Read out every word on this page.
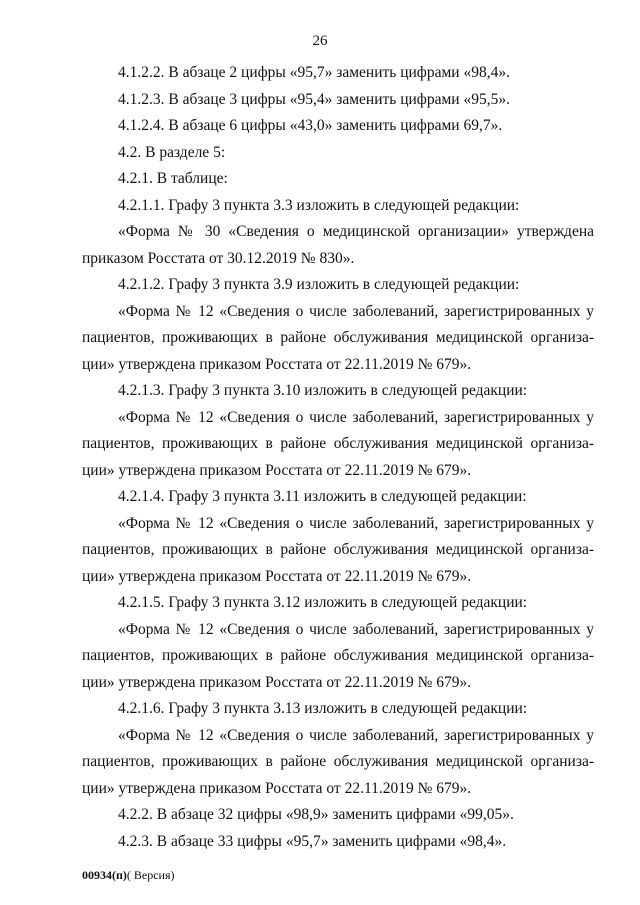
26
4.1.2.2. В абзаце 2 цифры «95,7» заменить цифрами «98,4».
4.1.2.3. В абзаце 3 цифры «95,4» заменить цифрами «95,5».
4.1.2.4. В абзаце 6 цифры «43,0» заменить цифрами 69,7».
4.2. В разделе 5:
4.2.1. В таблице:
4.2.1.1. Графу 3 пункта 3.3 изложить в следующей редакции:
«Форма № 30 «Сведения о медицинской организации» утверждена
приказом Росстата от 30.12.2019 № 830».
4.2.1.2. Графу 3 пункта 3.9 изложить в следующей редакции:
«Форма № 12 «Сведения о числе заболеваний, зарегистрированных у
пациентов, проживающих в районе обслуживания медицинской организа-
ции» утверждена приказом Росстата от 22.11.2019 № 679».
4.2.1.3. Графу 3 пункта 3.10 изложить в следующей редакции:
«Форма № 12 «Сведения о числе заболеваний, зарегистрированных у
пациентов, проживающих в районе обслуживания медицинской организа-
ции» утверждена приказом Росстата от 22.11.2019 № 679».
4.2.1.4. Графу 3 пункта 3.11 изложить в следующей редакции:
«Форма № 12 «Сведения о числе заболеваний, зарегистрированных у
пациентов, проживающих в районе обслуживания медицинской организа-
ции» утверждена приказом Росстата от 22.11.2019 № 679».
4.2.1.5. Графу 3 пункта 3.12 изложить в следующей редакции:
«Форма № 12 «Сведения о числе заболеваний, зарегистрированных у
пациентов, проживающих в районе обслуживания медицинской организа-
ции» утверждена приказом Росстата от 22.11.2019 № 679».
4.2.1.6. Графу 3 пункта 3.13 изложить в следующей редакции:
«Форма № 12 «Сведения о числе заболеваний, зарегистрированных у
пациентов, проживающих в районе обслуживания медицинской организа-
ции» утверждена приказом Росстата от 22.11.2019 № 679».
4.2.2. В абзаце 32 цифры «98,9» заменить цифрами «99,05».
4.2.3. В абзаце 33 цифры «95,7» заменить цифрами «98,4».
00934(п)( Версия)
